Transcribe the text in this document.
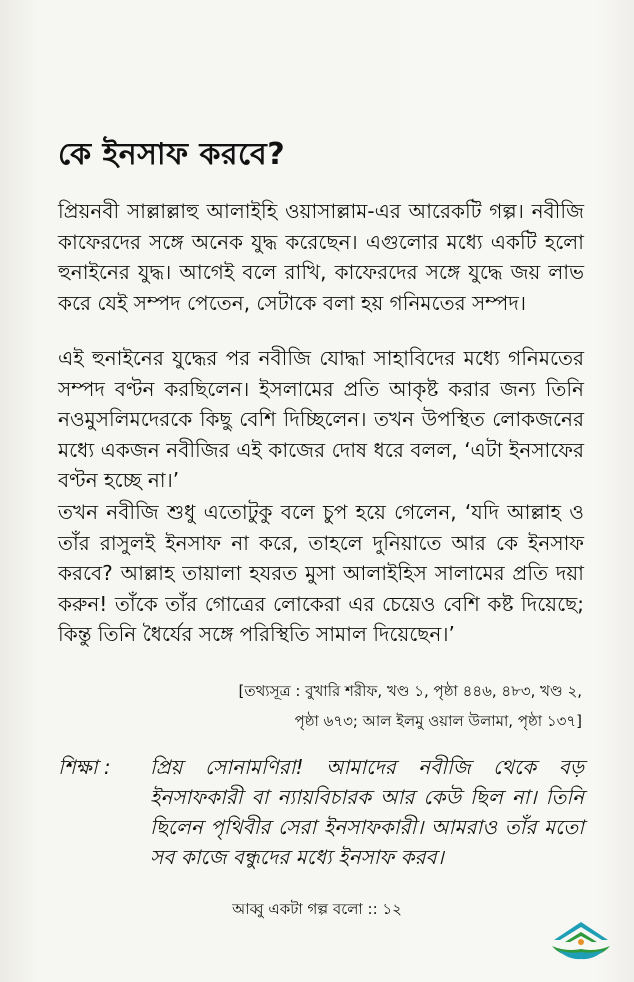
কে ইনসাফ করবে?

প্রিয়নবী সাল্লাল্লাহু আলাইহি ওয়াসাল্লাম-এর আরেকটি গল্প। নবীজি কাফেরদের সঙ্গে অনেক যুদ্ধ করেছেন। এগুলোর মধ্যে একটি হলো হুনাইনের যুদ্ধ। আগেই বলে রাখি, কাফেরদের সঙ্গে যুদ্ধে জয় লাভ করে যেই সম্পদ পেতেন, সেটাকে বলা হয় গনিমতের সম্পদ।

এই হুনাইনের যুদ্ধের পর নবীজি যোদ্ধা সাহাবিদের মধ্যে গনিমতের সম্পদ বণ্টন করছিলেন। ইসলামের প্রতি আকৃষ্ট করার জন্য তিনি নওমুসলিমদেরকে কিছু বেশি দিচ্ছিলেন। তখন উপস্থিত লোকজনের মধ্যে একজন নবীজির এই কাজের দোষ ধরে বলল, ‘এটা ইনসাফের বণ্টন হচ্ছে না।’

তখন নবীজি শুধু এতোটুকু বলে চুপ হয়ে গেলেন, ‘যদি আল্লাহ ও তাঁর রাসুলই ইনসাফ না করে, তাহলে দুনিয়াতে আর কে ইনসাফ করবে? আল্লাহ তায়ালা হযরত মুসা আলাইহিস সালামের প্রতি দয়া করুন! তাঁকে তাঁর গোত্রের লোকেরা এর চেয়েও বেশি কষ্ট দিয়েছে; কিন্তু তিনি ধৈর্যের সঙ্গে পরিস্থিতি সামাল দিয়েছেন।’

[তথ্যসূত্র : বুখারি শরীফ, খণ্ড ১, পৃষ্ঠা ৪৪৬, ৪৮৩, খণ্ড ২,
পৃষ্ঠা ৬৭৩; আল ইলমু ওয়াল উলামা, পৃষ্ঠা ১৩৭]
শিক্ষা : প্রিয় সোনামণিরা! আমাদের নবীজি থেকে বড় ইনসাফকারী বা ন্যায়বিচারক আর কেউ ছিল না। তিনি ছিলেন পৃথিবীর সেরা ইনসাফকারী। আমরাও তাঁর মতো সব কাজে বন্ধুদের মধ্যে ইনসাফ করব।
আব্বু একটা গল্প বলো :: ১২
